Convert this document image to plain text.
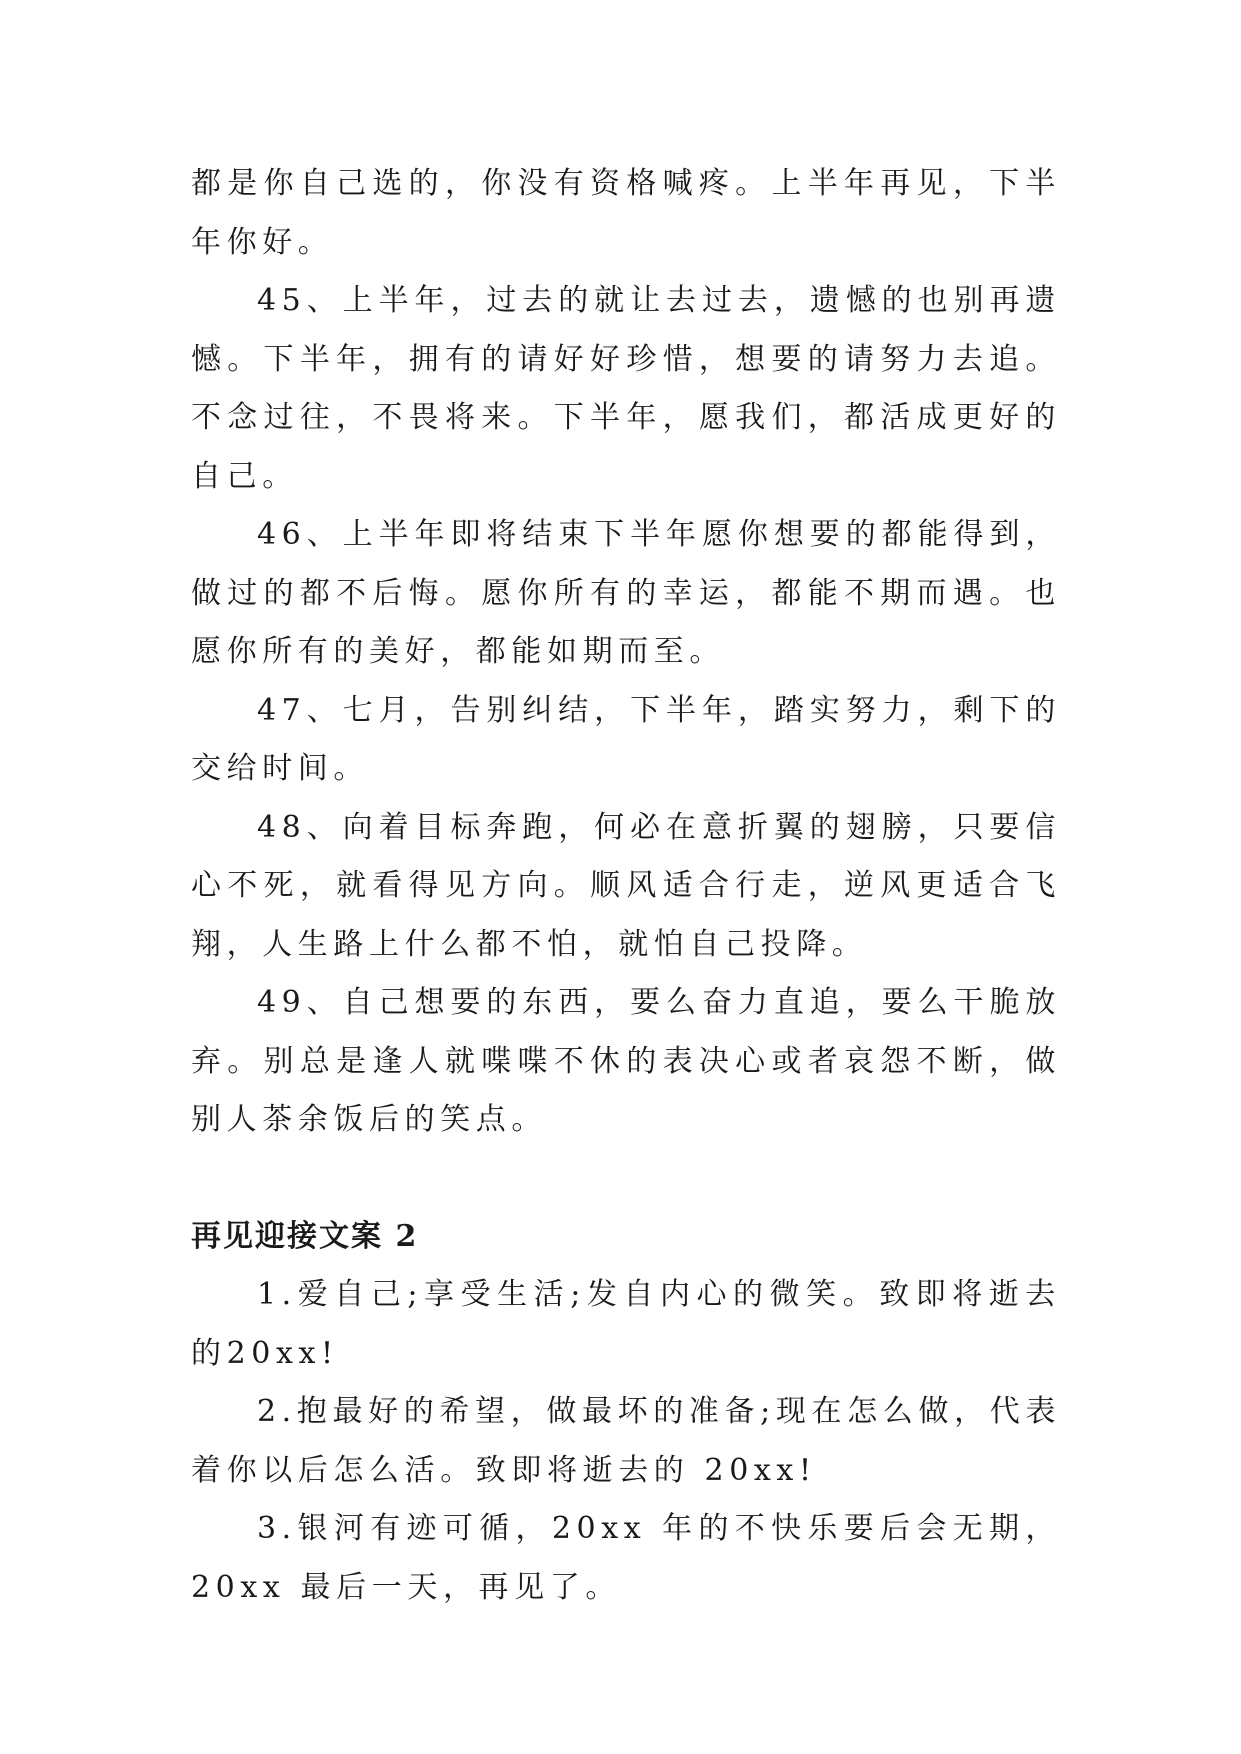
都是你自己选的，你没有资格喊疼。上半年再见，下半年你好。

45、上半年，过去的就让去过去，遗憾的也别再遗憾。下半年，拥有的请好好珍惜，想要的请努力去追。不念过往，不畏将来。下半年，愿我们，都活成更好的自己。

46、上半年即将结束下半年愿你想要的都能得到，做过的都不后悔。愿你所有的幸运，都能不期而遇。也愿你所有的美好，都能如期而至。

47、七月，告别纠结，下半年，踏实努力，剩下的交给时间。

48、向着目标奔跑，何必在意折翼的翅膀，只要信心不死，就看得见方向。顺风适合行走，逆风更适合飞翔，人生路上什么都不怕，就怕自己投降。

49、自己想要的东西，要么奋力直追，要么干脆放弃。别总是逢人就喋喋不休的表决心或者哀怨不断，做别人茶余饭后的笑点。

再见迎接文案 2

1.爱自己;享受生活;发自内心的微笑。致即将逝去的20xx!

2.抱最好的希望，做最坏的准备;现在怎么做，代表着你以后怎么活。致即将逝去的 20xx!

3.银河有迹可循，20xx 年的不快乐要后会无期，20xx 最后一天，再见了。
